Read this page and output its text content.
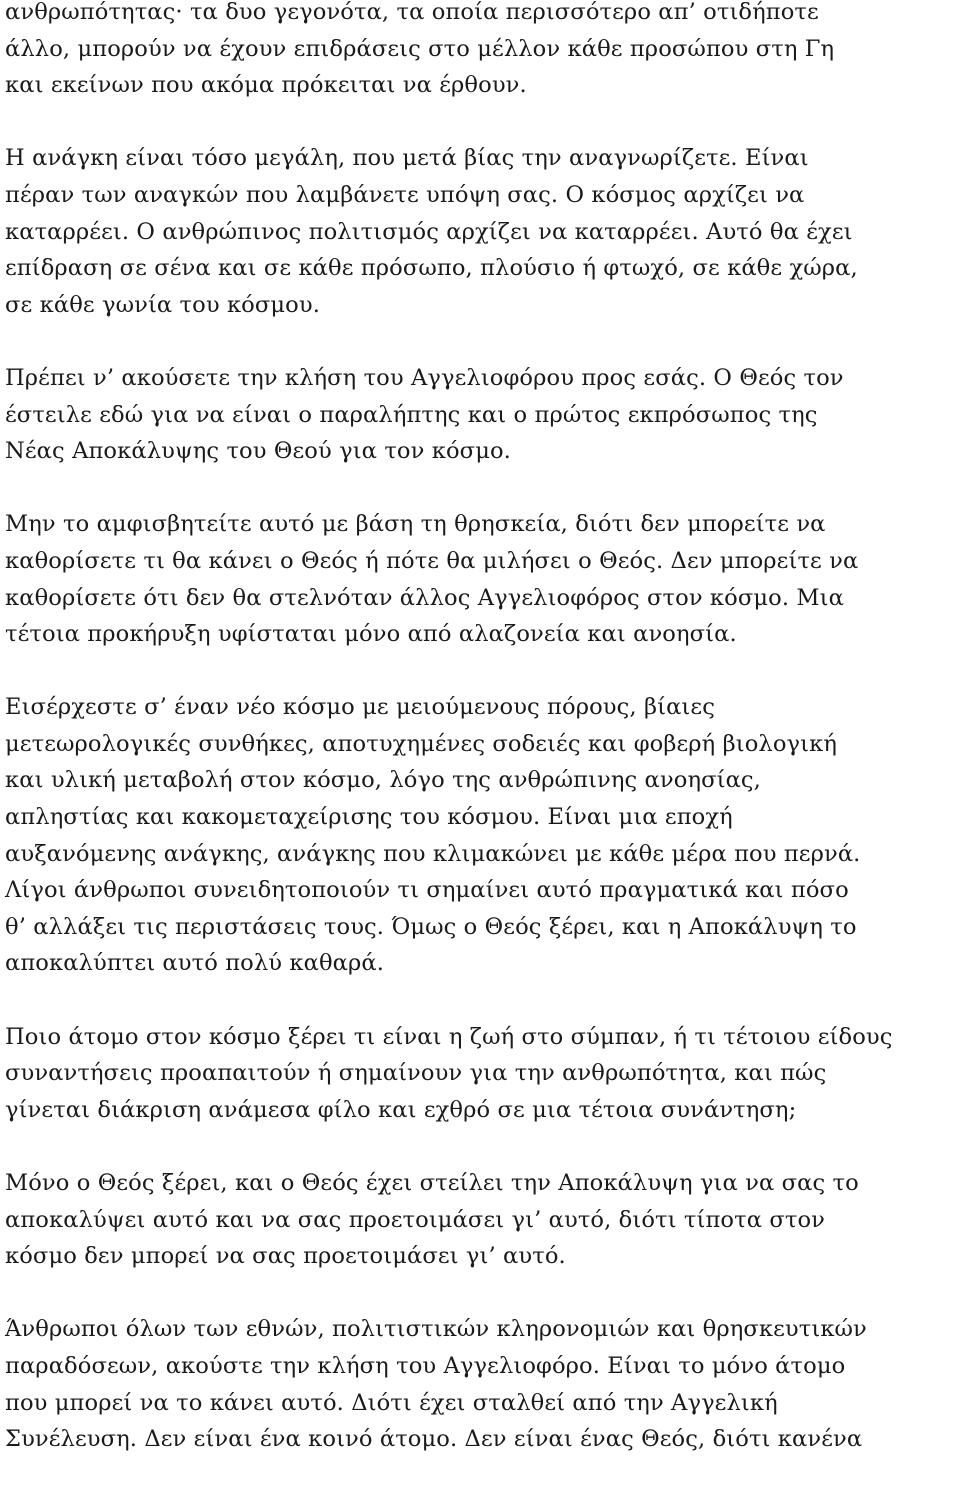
ανθρωπότητας· τα δυο γεγονότα, τα οποία περισσότερο απ’ οτιδήποτε
άλλο, μπορούν να έχουν επιδράσεις στο μέλλον κάθε προσώπου στη Γη
και εκείνων που ακόμα πρόκειται να έρθουν.

Η ανάγκη είναι τόσο μεγάλη, που μετά βίας την αναγνωρίζετε. Είναι
πέραν των αναγκών που λαμβάνετε υπόψη σας. Ο κόσμος αρχίζει να
καταρρέει. Ο ανθρώπινος πολιτισμός αρχίζει να καταρρέει. Αυτό θα έχει
επίδραση σε σένα και σε κάθε πρόσωπο, πλούσιο ή φτωχό, σε κάθε χώρα,
σε κάθε γωνία του κόσμου.

Πρέπει ν’ ακούσετε την κλήση του Αγγελιοφόρου προς εσάς. Ο Θεός τον
έστειλε εδώ για να είναι ο παραλήπτης και ο πρώτος εκπρόσωπος της
Νέας Αποκάλυψης του Θεού για τον κόσμο.

Μην το αμφισβητείτε αυτό με βάση τη θρησκεία, διότι δεν μπορείτε να
καθορίσετε τι θα κάνει ο Θεός ή πότε θα μιλήσει ο Θεός. Δεν μπορείτε να
καθορίσετε ότι δεν θα στελνόταν άλλος Αγγελιοφόρος στον κόσμο. Μια
τέτοια προκήρυξη υφίσταται μόνο από αλαζονεία και ανοησία.

Εισέρχεστε σ’ έναν νέο κόσμο με μειούμενους πόρους, βίαιες
μετεωρολογικές συνθήκες, αποτυχημένες σοδειές και φοβερή βιολογική
και υλική μεταβολή στον κόσμο, λόγο της ανθρώπινης ανοησίας,
απληστίας και κακομεταχείρισης του κόσμου. Είναι μια εποχή
αυξανόμενης ανάγκης, ανάγκης που κλιμακώνει με κάθε μέρα που περνά.
Λίγοι άνθρωποι συνειδητοποιούν τι σημαίνει αυτό πραγματικά και πόσο
θ’ αλλάξει τις περιστάσεις τους. Όμως ο Θεός ξέρει, και η Αποκάλυψη το
αποκαλύπτει αυτό πολύ καθαρά.

Ποιο άτομο στον κόσμο ξέρει τι είναι η ζωή στο σύμπαν, ή τι τέτοιου είδους
συναντήσεις προαπαιτούν ή σημαίνουν για την ανθρωπότητα, και πώς
γίνεται διάκριση ανάμεσα φίλο και εχθρό σε μια τέτοια συνάντηση;

Μόνο ο Θεός ξέρει, και ο Θεός έχει στείλει την Αποκάλυψη για να σας το
αποκαλύψει αυτό και να σας προετοιμάσει γι’ αυτό, διότι τίποτα στον
κόσμο δεν μπορεί να σας προετοιμάσει γι’ αυτό.

Άνθρωποι όλων των εθνών, πολιτιστικών κληρονομιών και θρησκευτικών
παραδόσεων, ακούστε την κλήση του Αγγελιοφόρο. Είναι το μόνο άτομο
που μπορεί να το κάνει αυτό. Διότι έχει σταλθεί από την Αγγελική
Συνέλευση. Δεν είναι ένα κοινό άτομο. Δεν είναι ένας Θεός, διότι κανένα
